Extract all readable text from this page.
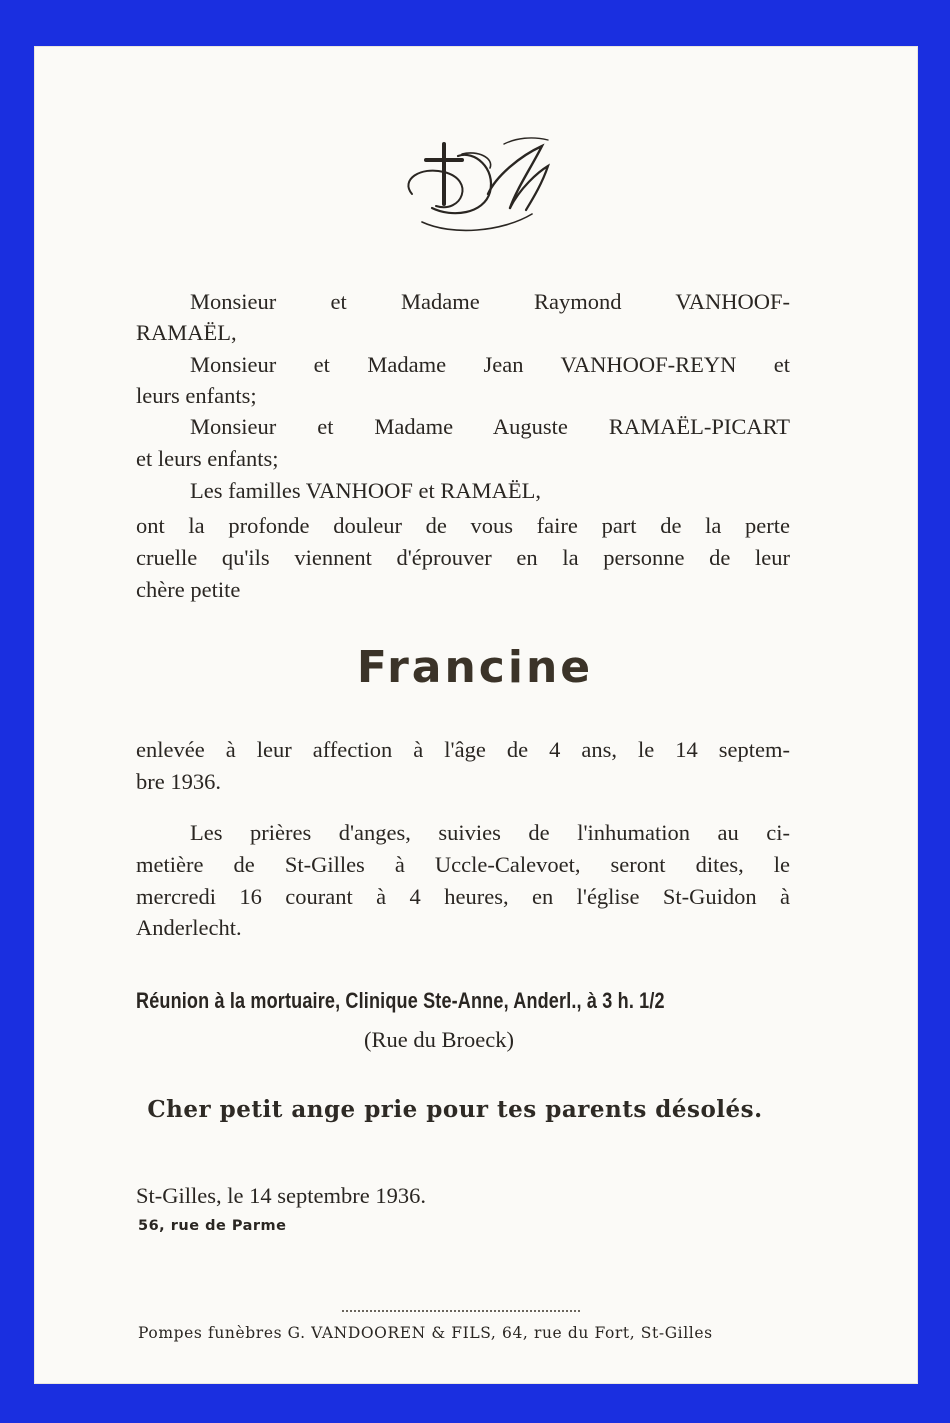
Monsieur et Madame Raymond VANHOOF-
RAMAËL,
Monsieur et Madame Jean VANHOOF-REYN et
leurs enfants;
Monsieur et Madame Auguste RAMAËL-PICART
et leurs enfants;
Les familles VANHOOF et RAMAËL,
ont la profonde douleur de vous faire part de la perte
cruelle qu'ils viennent d'éprouver en la personne de leur
chère petite
Francine
enlevée à leur affection à l'âge de 4 ans, le 14 septem-
bre 1936.
Les prières d'anges, suivies de l'inhumation au ci-
metière de St-Gilles à Uccle-Calevoet, seront dites, le
mercredi 16 courant à 4 heures, en l'église St-Guidon à
Anderlecht.
Réunion à la mortuaire, Clinique Ste-Anne, Anderl., à 3 h. 1/2
(Rue du Broeck)
Cher petit ange prie pour tes parents désolés.
St-Gilles, le 14 septembre 1936.
56, rue de Parme
Pompes funèbres G. VANDOOREN & FILS, 64, rue du Fort, St-Gilles
